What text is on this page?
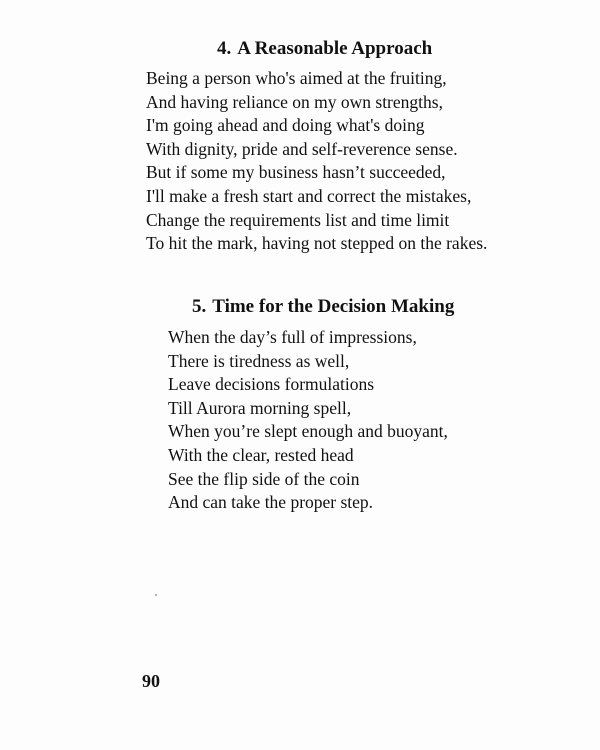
4. A Reasonable Approach
Being a person who's aimed at the fruiting,
And having reliance on my own strengths,
I'm going ahead and doing what's doing
With dignity, pride and self-reverence sense.
But if some my business hasn’t succeeded,
I'll make a fresh start and correct the mistakes,
Change the requirements list and time limit
To hit the mark, having not stepped on the rakes.
5. Time for the Decision Making
When the day’s full of impressions,
There is tiredness as well,
Leave decisions formulations
Till Aurora morning spell,
When you’re slept enough and buoyant,
With the clear, rested head
See the flip side of the coin
And can take the proper step.

90
